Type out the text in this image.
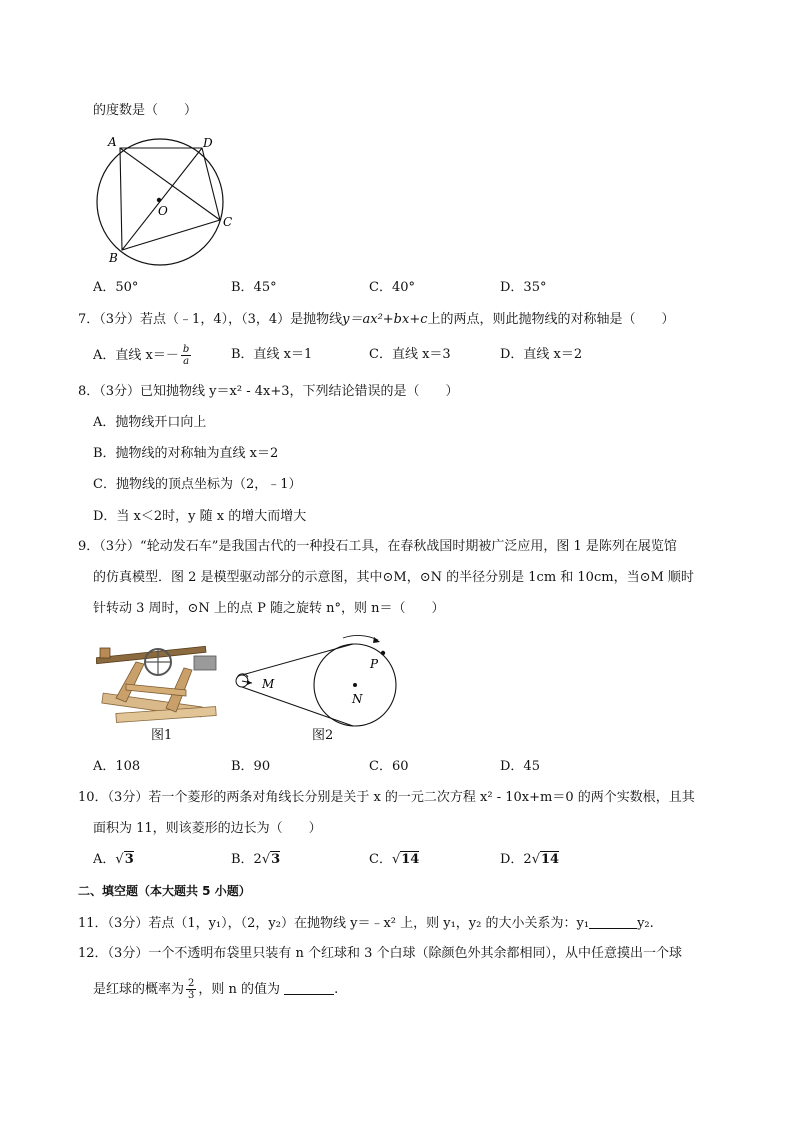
的度数是（　　）
A	D
O
C
B
A．50°	B．45°	C．40°	D．35°
7．（3分）若点（﹣1，4），（3，4）是抛物线y＝ax²+bx+c上的两点，则此抛物线的对称轴是（　　）
A．直线 $x=- \frac{b}{a}$	B．直线 x＝1	C．直线 x＝3	D．直线 x＝2
8．（3分）已知抛物线 y＝x² - 4x+3，下列结论错误的是（　　）
A．抛物线开口向上
B．抛物线的对称轴为直线 x＝2
C．抛物线的顶点坐标为（2，﹣1）
D．当 x＜2时，y 随 x 的增大而增大
9．（3分）“轮动发石车”是我国古代的一种投石工具，在春秋战国时期被广泛应用，图 1 是陈列在展览馆
的仿真模型．图 2 是模型驱动部分的示意图，其中⊙M，⊙N 的半径分别是 1cm 和 10cm，当⊙M 顺时
针转动 3 周时，⊙N 上的点 P 随之旋转 n°，则 n＝（　　）
图1
M
N
P
图2
A．108	B．90	C．60	D．45
10．（3分）若一个菱形的两条对角线长分别是关于 x 的一元二次方程 x² - 10x+m＝0 的两个实数根，且其
面积为 11，则该菱形的边长为（　　）
A．√3	B．2√3	C．√14	D．2√14
二、填空题（本大题共 5 小题）
11．（3分）若点（1，y₁），（2，y₂）在抛物线 y＝﹣x² 上，则 y₁，y₂ 的大小关系为：y₁	y₂.
12．（3分）一个不透明布袋里只装有 n 个红球和 3 个白球（除颜色外其余都相同），从中任意摸出一个球
是红球的概率为 $\frac{2}{3}$ ，则 n 的值为	.
